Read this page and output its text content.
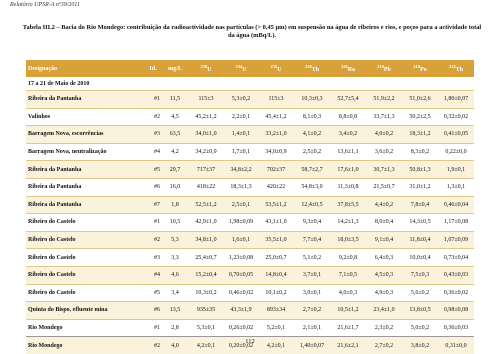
Relatório UPSR-A nº39/2011
Tabela III.2 – Bacia do Rio Mondego: contribuição da radioactividade nas partículas (> 0,45 µm) em suspensão na água de ribeiros e rios, e poços para a actividade total da água (mBq/L).
Designação	Id.	mg/L	$^{238}$U	$^{234}$U	$^{235}$U	$^{230}$Th	$^{226}$Ra	$^{210}$Pb	$^{210}$Po	$^{232}$Th
17 a 21 de Maio de 2010										
Ribeira da Pantanha	#1	11,5	115±3	5,3±0,2	115±3	10,3±0,3	52,7±5,4	51,9±2,2	51,0±2,6	1,80±0,07
Valinhos	#2	4,5	45,2±1,2	2,2±0,1	45,4±1,2	8,1±0,3	8,8±0,8	33,7±1,3	50,2±2,5	0,32±0,02
Barragem Nova, escorrências	#3	63,5	34,0±1,0	1,4±0,1	33,2±1,0	4,1±0,2	3,4±0,2	4,0±0,2	18,3±1,2	0,41±0,05
Barragem Nova, neutralização	#4	4,2	34,2±0,9	1,7±0,1	34,0±0,9	2,5±0,2	13,6±1,1	3,6±0,2	8,3±0,2	0,22±0,0
Ribeira da Pantanha	#5	29,7	717±37	34,8±2,2	702±37	58,7±2,7	17,6±1,0	30,7±1,3	50,8±1,3	1,9±0,1
Ribeira da Pantanha	#6	16,0	418±22	18,3±1,3	420±22	54,8±3,0	11,3±0,8	21,5±0,7	31,0±1,2	1,3±0,1
Ribeira da Pantanha	#7	1,8	52,5±1,2	2,5±0,1	53,5±1,2	12,4±0,5	37,8±5,5	4,4±0,2	7,8±0,4	0,46±0,04
Ribeiro do Castelo	#1	10,5	42,9±1,0	1,98±0,09	43,1±1,0	9,3±0,4	14,2±1,3	8,0±0,4	14,3±0,5	1,17±0,08
Ribeiro do Castelo	#2	5,3	34,8±1,0	1,6±0,1	35,5±1,0	7,7±0,4	18,0±3,5	9,1±0,4	11,8±0,4	1,07±0,09
Ribeiro do Castelo	#3	3,3	25,4±0,7	1,23±0,08	25,0±0,7	5,1±0,2	9,2±0,8	6,4±0,3	10,0±0,4	0,73±0,04
Ribeiro do Castelo	#4	4,6	15,2±0,4	0,70±0,05	14,8±0,4	3,7±0,1	7,1±0,5	4,5±0,3	7,5±0,3	0,43±0,03
Ribeiro do Castelo	#5	3,4	10,3±0,2	0,46±0,02	10,1±0,2	3,0±0,1	4,0±0,3	4,9±0,3	5,6±0,2	0,36±0,02
Quinta do Bispo, efluente mina	#6	13,5	935±35	43,3±1,9	893±34	2,7±0,2	10,5±1,2	23,4±1,0	13,8±0,5	0,98±0,08
Rio Mondego	#1	2,8	5,3±0,1	0,26±0,02	5,2±0,1	2,1±0,1	21,6±1,7	2,3±0,2	5,0±0,2	0,36±0,03
Rio Mondego	#2	4,0	4,2±0,1	0,20±0,02	4,2±0,1	1,40±0,07	21,6±2,1	2,7±0,2	3,8±0,2	0,31±0,0
112
